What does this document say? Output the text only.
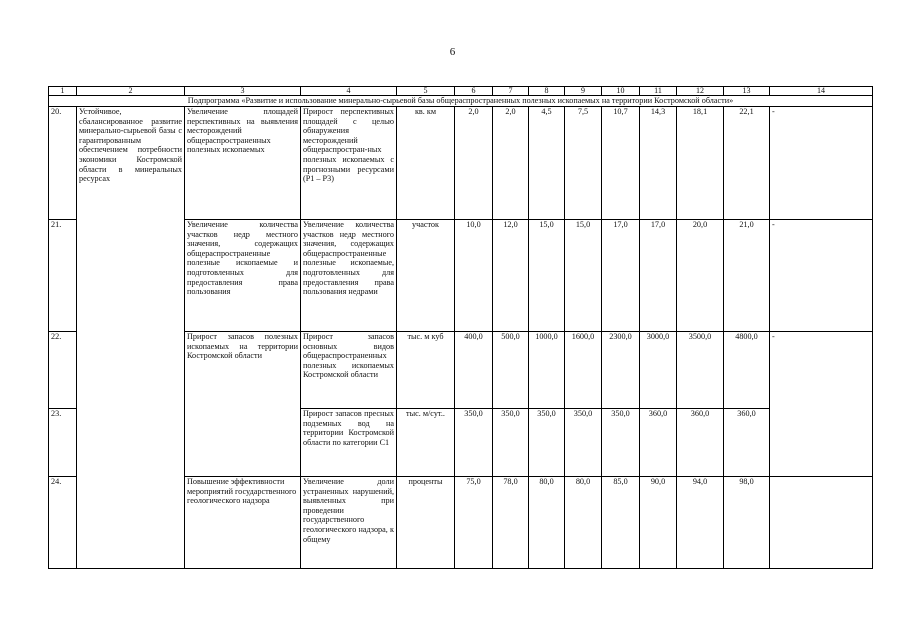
6
1	2	3	4	5	6	7	8	9	10	11	12	13	14
Подпрограмма «Развитие и использование минерально-сырьевой базы общераспространенных полезных ископаемых на территории Костромской области»													
20.	Устойчивое, сбалансированное развитие минерально-сырьевой базы с гарантированным обеспечением потребности экономики Костромской области в минеральных ресурсах	Увеличение площадей перспективных на выявления месторождений общераспространенных полезных ископаемых	Прирост перспективных площадей с целью обнаружения месторождений общераспростран-ных полезных ископаемых с прогнозными ресурсами (Р1 – Р3)	кв. км	2,0	2,0	4,5	7,5	10,7	14,3	18,1	22,1	-
21.		Увеличение количества участков недр местного значения, содержащих общераспространенные полезные ископаемые и подготовленных для предоставления права пользования	Увеличение количества участков недр местного значения, содержащих общераспространенные полезные ископаемые, подготовленных для предоставления права пользования недрами	участок	10,0	12,0	15,0	15,0	17,0	17,0	20,0	21,0	-
22.		Прирост запасов полезных ископаемых на территории Костромской области	Прирост запасов основных видов общераспространенных полезных ископаемых Костромской области	тыс. м куб	400,0	500,0	1000,0	1600,0	2300,0	3000,0	3500,0	4800,0	-
23.			Прирост запасов пресных подземных вод на территории Костромской области по категории С1	тыс. м/сут..	350,0	350,0	350,0	350,0	350,0	360,0	360,0	360,0	
24.		Повышение эффективности мероприятий государственного геологического надзора	Увеличение доли устраненных нарушений, выявленных при проведении государственного геологического надзора, к общему	проценты	75,0	78,0	80,0	80,0	85,0	90,0	94,0	98,0	
